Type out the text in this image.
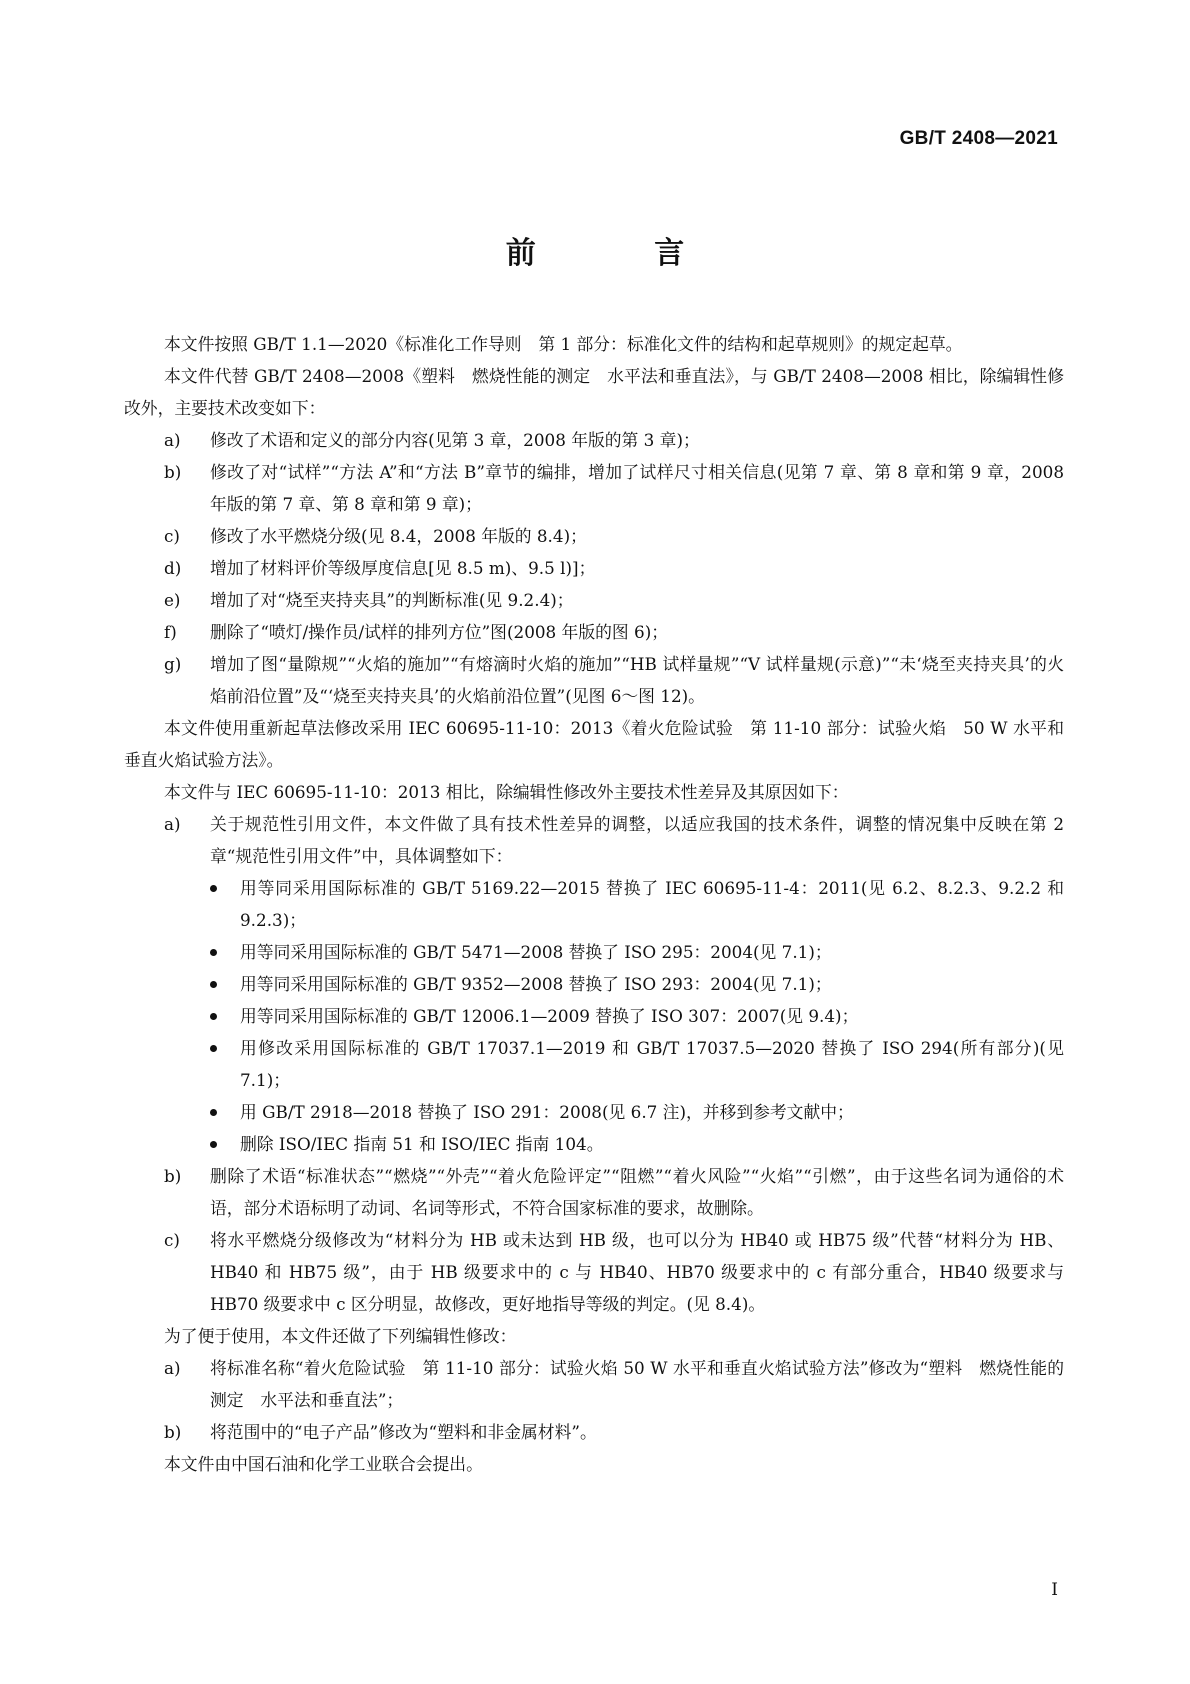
GB/T 2408—2021
前 言

本文件按照 GB/T 1.1—2020《标准化工作导则　第 1 部分：标准化文件的结构和起草规则》的规定起草。

本文件代替 GB/T 2408—2008《塑料　燃烧性能的测定　水平法和垂直法》，与 GB/T 2408—2008 相比，除编辑性修改外，主要技术改变如下：

a) 修改了术语和定义的部分内容(见第 3 章，2008 年版的第 3 章)；
b) 修改了对“试样”“方法 A”和“方法 B”章节的编排，增加了试样尺寸相关信息(见第 7 章、第 8 章和第 9 章，2008 年版的第 7 章、第 8 章和第 9 章)；
c) 修改了水平燃烧分级(见 8.4，2008 年版的 8.4)；
d) 增加了材料评价等级厚度信息[见 8.5 m)、9.5 l)]；
e) 增加了对“烧至夹持夹具”的判断标准(见 9.2.4)；
f) 删除了“喷灯/操作员/试样的排列方位”图(2008 年版的图 6)；
g) 增加了图“量隙规”“火焰的施加”“有熔滴时火焰的施加”“HB 试样量规”“V 试样量规(示意)”“未‘烧至夹持夹具’的火焰前沿位置”及“‘烧至夹持夹具’的火焰前沿位置”(见图 6～图 12)。

本文件使用重新起草法修改采用 IEC 60695-11-10：2013《着火危险试验　第 11-10 部分：试验火焰　50 W 水平和垂直火焰试验方法》。

本文件与 IEC 60695-11-10：2013 相比，除编辑性修改外主要技术性差异及其原因如下：

a) 关于规范性引用文件，本文件做了具有技术性差异的调整，以适应我国的技术条件，调整的情况集中反映在第 2 章“规范性引用文件”中，具体调整如下：
用等同采用国际标准的 GB/T 5169.22—2015 替换了 IEC 60695-11-4：2011(见 6.2、8.2.3、9.2.2 和 9.2.3)；
用等同采用国际标准的 GB/T 5471—2008 替换了 ISO 295：2004(见 7.1)；
用等同采用国际标准的 GB/T 9352—2008 替换了 ISO 293：2004(见 7.1)；
用等同采用国际标准的 GB/T 12006.1—2009 替换了 ISO 307：2007(见 9.4)；
用修改采用国际标准的 GB/T 17037.1—2019 和 GB/T 17037.5—2020 替换了 ISO 294(所有部分)(见 7.1)；
用 GB/T 2918—2018 替换了 ISO 291：2008(见 6.7 注)，并移到参考文献中；
删除 ISO/IEC 指南 51 和 ISO/IEC 指南 104。
b) 删除了术语“标准状态”“燃烧”“外壳”“着火危险评定”“阻燃”“着火风险”“火焰”“引燃”，由于这些名词为通俗的术语，部分术语标明了动词、名词等形式，不符合国家标准的要求，故删除。
c) 将水平燃烧分级修改为“材料分为 HB 或未达到 HB 级，也可以分为 HB40 或 HB75 级”代替“材料分为 HB、HB40 和 HB75 级”，由于 HB 级要求中的 c 与 HB40、HB70 级要求中的 c 有部分重合，HB40 级要求与 HB70 级要求中 c 区分明显，故修改，更好地指导等级的判定。(见 8.4)。

为了便于使用，本文件还做了下列编辑性修改：

a) 将标准名称“着火危险试验　第 11-10 部分：试验火焰 50 W 水平和垂直火焰试验方法”修改为“塑料　燃烧性能的测定　水平法和垂直法”；
b) 将范围中的“电子产品”修改为“塑料和非金属材料”。

本文件由中国石油和化学工业联合会提出。

I
